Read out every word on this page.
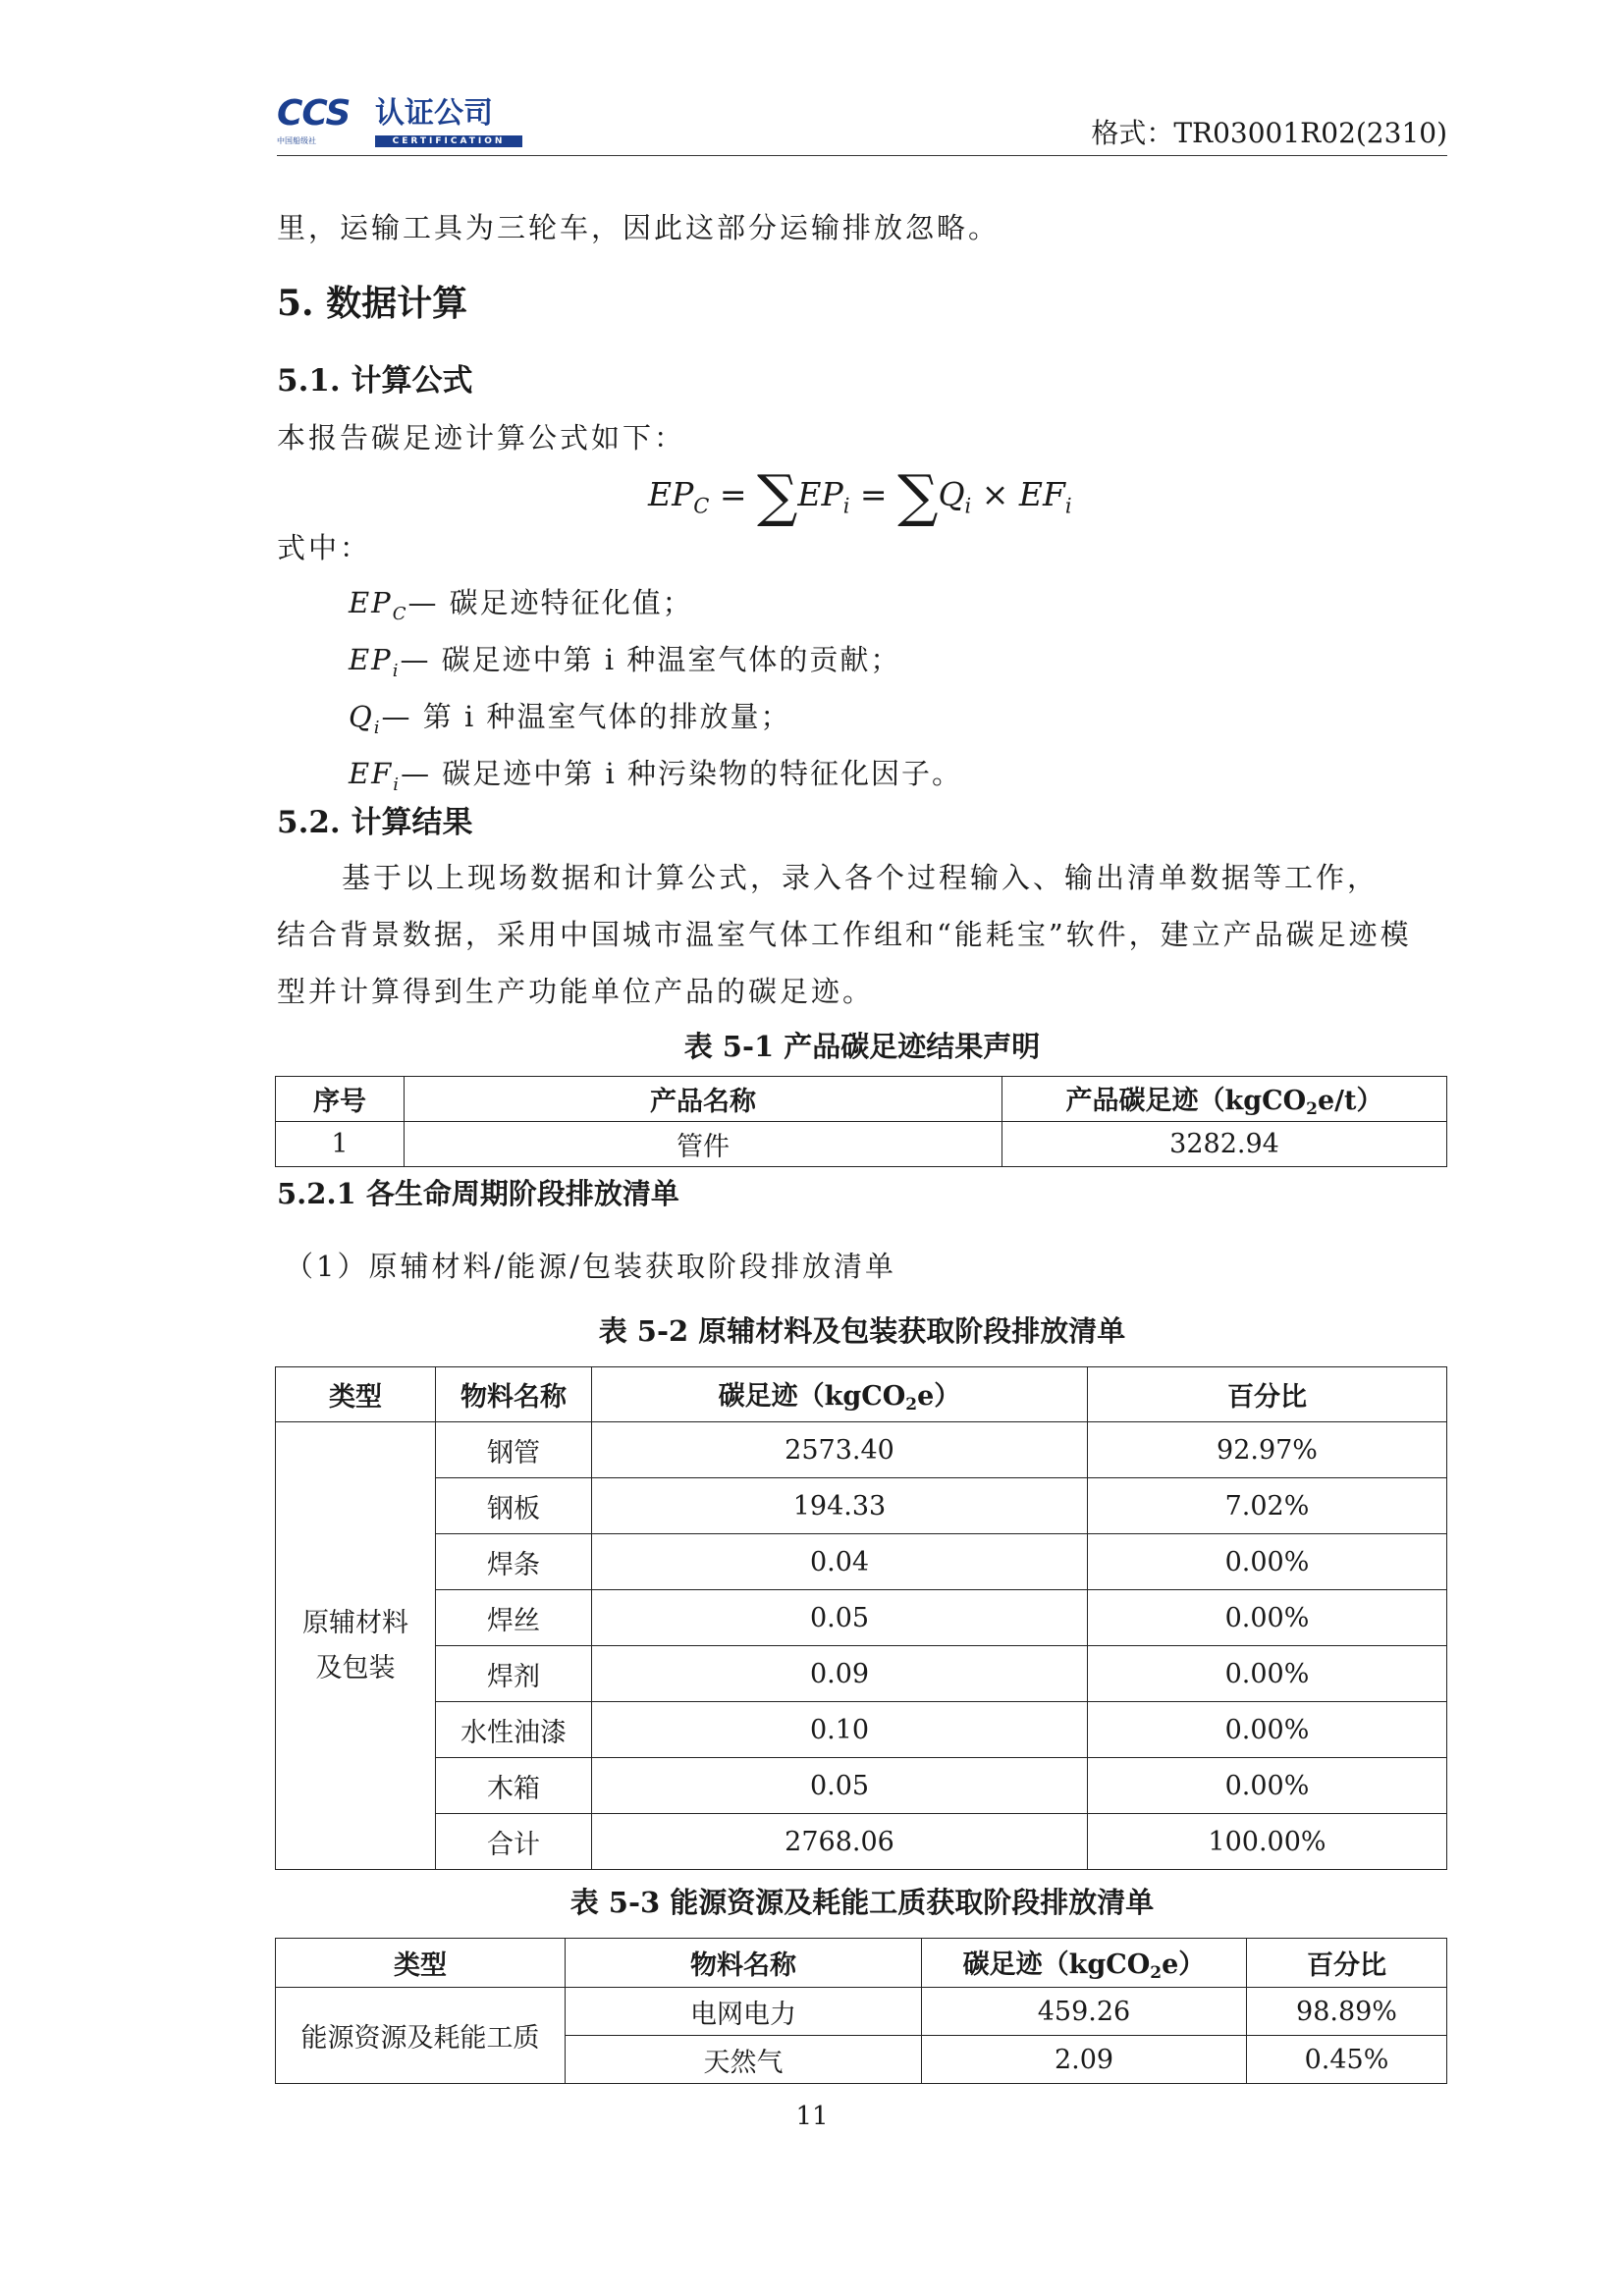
CCS
中国船级社
认证公司
CERTIFICATION	格式：TR03001R02(2310)
里，运输工具为三轮车，因此这部分运输排放忽略。
5. 数据计算
5.1. 计算公式
本报告碳足迹计算公式如下：
$EP_C = \sum EP_i = \sum Q_i \times EF_i$
式中：
$EP_C—$ 碳足迹特征化值；
$EP_i—$ 碳足迹中第 i 种温室气体的贡献；
$Q_i—$ 第 i 种温室气体的排放量；
$EF_i—$ 碳足迹中第 i 种污染物的特征化因子。
5.2. 计算结果
基于以上现场数据和计算公式，录入各个过程输入、输出清单数据等工作，
结合背景数据，采用中国城市温室气体工作组和“能耗宝”软件，建立产品碳足迹模
型并计算得到生产功能单位产品的碳足迹。
表 5-1 产品碳足迹结果声明
序号	产品名称	产品碳足迹（kgCO2e/t）
1	管件	3282.94
5.2.1 各生命周期阶段排放清单
（1）原辅材料/能源/包装获取阶段排放清单
表 5-2 原辅材料及包装获取阶段排放清单
类型	物料名称	碳足迹（kgCO2e）	百分比
原辅材料
及包装	钢管	2573.40	92.97%
	钢板	194.33	7.02%
	焊条	0.04	0.00%
	焊丝	0.05	0.00%
	焊剂	0.09	0.00%
	水性油漆	0.10	0.00%
	木箱	0.05	0.00%
	合计	2768.06	100.00%
表 5-3 能源资源及耗能工质获取阶段排放清单
类型	物料名称	碳足迹（kgCO2e）	百分比
能源资源及耗能工质	电网电力	459.26	98.89%
	天然气	2.09	0.45%
11
